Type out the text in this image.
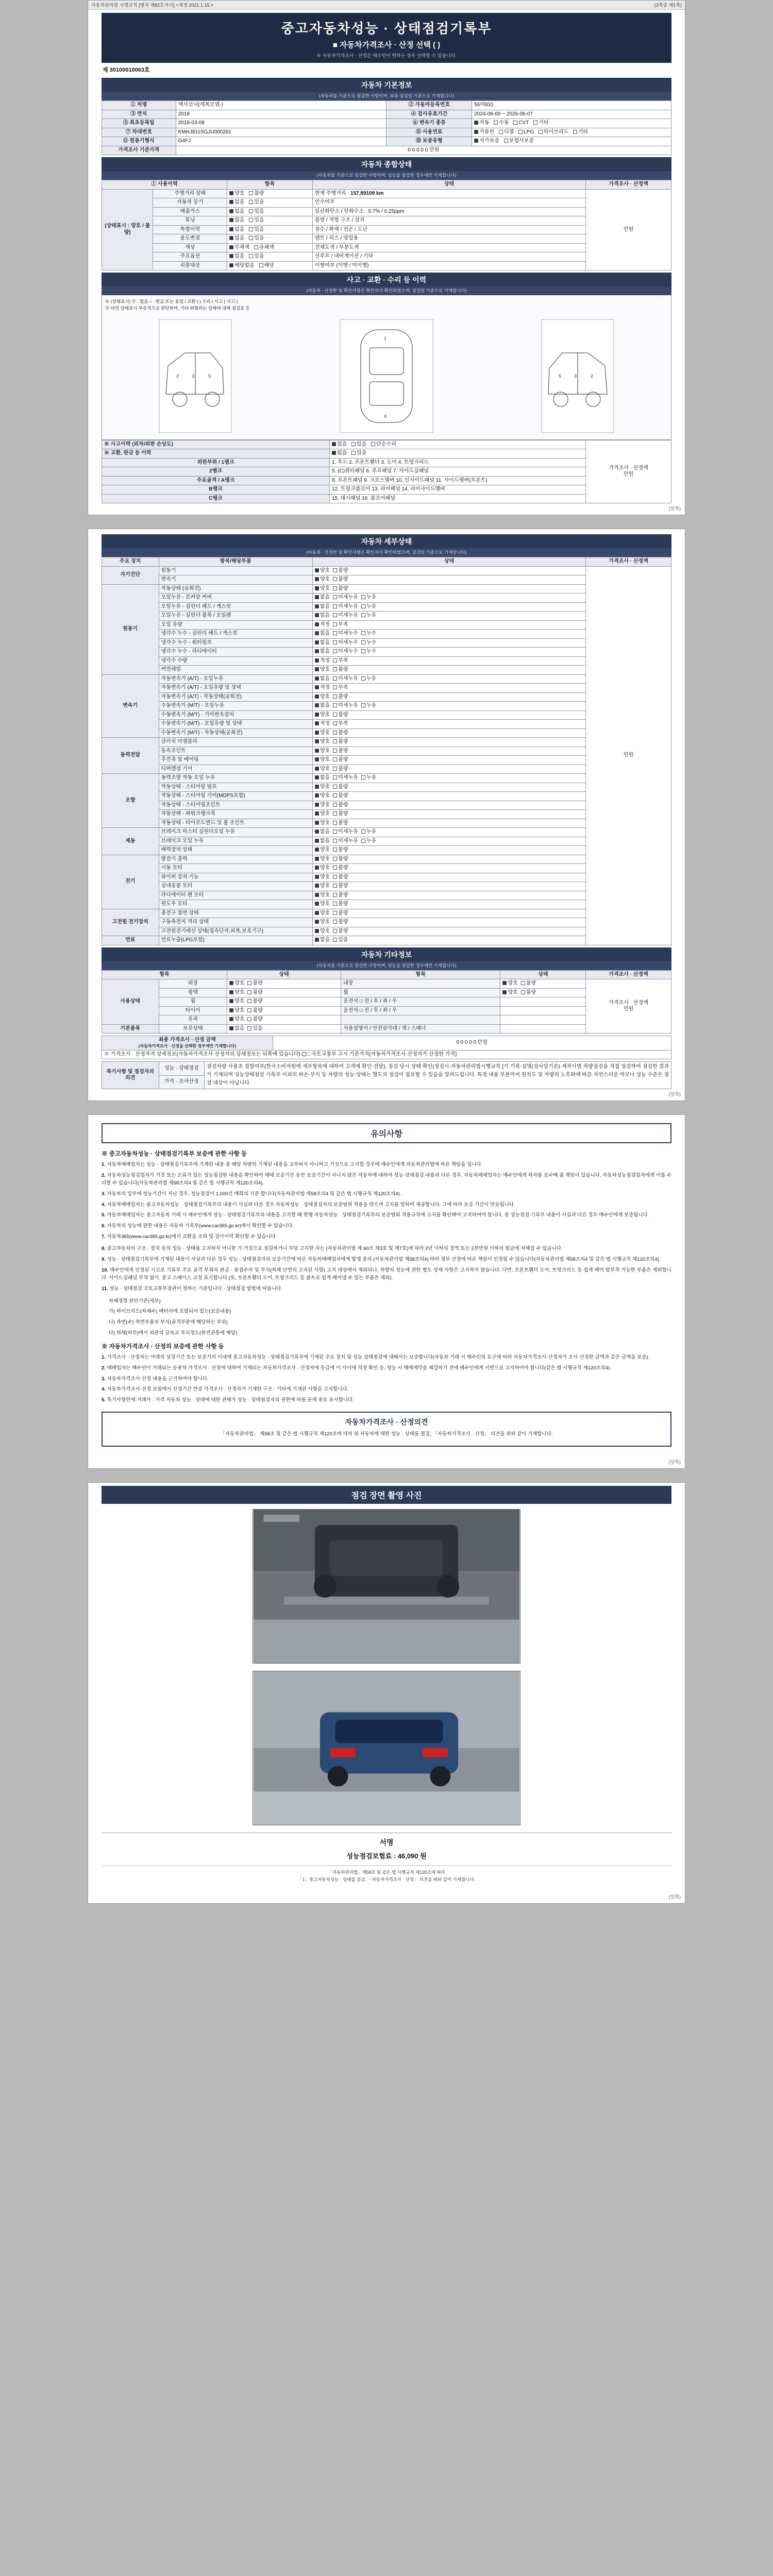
자동차관리법 시행규칙 [별지 제82호서식] <개정 2021.1.15.>	(3쪽중 제1쪽)
중고자동차성능 · 상태점검기록부
■ 자동차가격조사 · 산정 선택 ( )
※ 자동차가격조사 · 산정은 매수인이 원하는 경우 선택할 수 있습니다.
제 30100010063호
자동차 기본정보
(자동차를 기준으로 점검한 사항이며, 최종 점검일 기준으로 기재합니다)
① 차명	엑사코닉(세복모델-)	② 자동차등록번호	56머831
③ 연식	2018	④ 검사유효기간	2024-06-00 ~ 2026-06-07
⑤ 최초등록일	2018-03-08	⑥ 변속기 종류	자동 수동 CVT 기타
⑦ 차대번호	KMHJ811SGJU000261	⑧ 사용연료	가솔린 디젤 LPG 하이브리드 기타
⑪ 원동기형식	G4FJ	⑩ 보증유형	자가보증 보험사보증
가격조사 기준가격	0 0 0 0 0 만원		
자동차 종합상태
(자동차를 기준으로 점검한 사항이며, 성능을 점검한 경우에만 기재합니다)
① 사용이력		항목	상태	가격조사 · 산정액
(상태표시 : 양호 / 불량)	주행거리 상태	양호 불량	현재 주행거리 : 157,89109 km	만원
	자동차 등기	없음 있음	인수여부	
	배출가스	없음 있음	일산화탄소 / 탄화수소 : 0.7% / 0.25ppm	
	튜닝	없음 있음	불법 / 적법 구조 / 장치	
	특별이력	없음 있음	침수 / 화재 / 전손 / 도난	
	용도변경	없음 있음	렌트 / 리스 / 영업용	
	색상	무채색 유채색	전체도색 / 부분도색	
	주요옵션	없음 있음	선루프 / 내비게이션 / 기타	
	리콜대상	해당없음 해당	이행여부 (이행 / 미이행)	
사고 · 교환 · 수리 등 이력
(자동차 · 산정한 및 확인사항은 확인자가 확인하였으며, 점검일 기준으로 기재합니다)
※ (상태표시) 무 : 없음 ○ : 판금 또는 용접 / 교환 ( ) 수리 / 사고 ( 사고 )
※ 타인 상태표시 부분적으로 판단하며, 기타 위험하는 상태에 대해 점검표 등
2	3	5
1
4
5	3	2
※ 사고이력 (외차/외판 손상도)	없음 있음 단순수리	가격조사 · 산정액
만원

※ 교환, 판금 등 이력	없음 있음	
외판부위 / 1랭크	1. 후드 2. 프론트휀더 3. 도어 4. 트렁크리드	
2랭크	5. (C)쿼터패널 6. 루프패널 7. 사이드실패널	
주요골격 / A랭크	8. 프론트패널 9. 크로스멤버 10. 인사이드패널 11. 사이드멤버(프론트)	
B랭크	12. 트렁크플로어 13. 리어패널 14. 리어사이드멤버	
C랭크	15. 대시패널 16. 플로어패널	
(앞쪽)
자동차 세부상태
(자동차 · 산정한 및 확인사항은 확인자가 확인하였으며, 점검일 기준으로 기재합니다)
주요 장치	항목/해당부품	상태	가격조사 · 산정액
자기진단	원동기	양호 불량	만원

	변속기	양호 불량	
원동기	작동상태 (공회전)	양호 불량	
	오일누유 - 로커암 커버	없음 미세누유 누유	
	오일누유 - 실린더 헤드 / 개스킷	없음 미세누유 누유	
	오일누유 - 실린더 블록 / 오일팬	없음 미세누유 누유	
	오일 유량	적정 부족	
	냉각수 누수 - 실린더 헤드 / 개스킷	없음 미세누수 누수	
	냉각수 누수 - 워터펌프	없음 미세누수 누수	
	냉각수 누수 - 라디에이터	없음 미세누수 누수	
	냉각수 수량	적정 부족	
	커먼레일	양호 불량	
변속기	자동변속기 (A/T) - 오일누유	없음 미세누유 누유	
	자동변속기 (A/T) - 오일유량 및 상태	적정 부족	
	자동변속기 (A/T) - 작동상태(공회전)	양호 불량	
	수동변속기 (M/T) - 오일누유	없음 미세누유 누유	
	수동변속기 (M/T) - 기어변속장치	양호 불량	
	수동변속기 (M/T) - 오일유량 및 상태	적정 부족	
	수동변속기 (M/T) - 작동상태(공회전)	양호 불량	
동력전달	클러치 어셈블리	양호 불량	
	등속조인트	양호 불량	
	추진축 및 베어링	양호 불량	
	디퍼렌셜 기어	양호 불량	
조향	동력조향 작동 오일 누유	없음 미세누유 누유	
	작동상태 - 스티어링 펌프	양호 불량	
	작동상태 - 스티어링 기어(MDPS포함)	양호 불량	
	작동상태 - 스티어링조인트	양호 불량	
	작동상태 - 파워크랭크축	양호 불량	
	작동상태 - 타이로드엔드 및 볼 조인트	양호 불량	
제동	브레이크 마스터 실린더오일 누유	없음 미세누유 누유	
	브레이크 오일 누유	없음 미세누유 누유	
	배력장치 상태	양호 불량	
전기	발전기 출력	양호 불량	
	시동 모터	양호 불량	
	와이퍼 장치 기능	양호 불량	
	실내송풍 모터	양호 불량	
	라디에이터 팬 모터	양호 불량	
	윈도우 모터	양호 불량	
고전원 전기장치	충전구 절연 상태	양호 불량	
	구동축전지 격리 상태	양호 불량	
	고전원전기배선 상태(접속단자,피복,보호기구)	양호 불량	
연료	연료누출(LPG포함)	없음 있음	
자동차 기타정보
(자동차를 기준으로 점검한 사항이며, 성능을 점검한 경우에만 기재합니다)
항목		상태	항목	상태	가격조사 · 산정액
사용상태	외장	양호 불량	내장	양호 불량	가격조사 · 산정액
만원

	광택	양호 불량	휠	양호 불량	
	휠	양호 불량	운전석 □ 전 / 후 / 좌 / 우		
	타이어	양호 불량	운전석 □ 전 / 후 / 좌 / 우		
	유리	양호 불량			
기본품목	보유상태	없음 있음	사용설명서 / 안전삼각대 / 잭 / 스패너		
최종 가격조사 · 산정 금액
(자동차가격조사 · 산정을 선택한 경우에만 기재합니다)
	0 0 0 0 0 만원
※ 가격조사 · 산정자격 상세정보(자동차가격조사·산정자의 상세정보는 뒤쪽에 있습니다) □ 국토교통부 고시 기준가격(자동차가격조사·산정자가 산정한 가격)
특기사항 및 점검자의 의견	성능 · 상태점검	점검차량 사용초 결함여부(한국소비자원에 세부항목에 대하여 고객에 확인·전달), 점검 당시 상태 확인(점검시·자동차관리법시행규칙 [기 기록·설명(검사일기준)·제작사별 차량점검을 직접 점검하여 점검한 결과가 기재되며 성능상태점검 기록부 이외의 파손·부식 등 차량의 성능·상태는 별도의 점검이 필요할 수 있음을 알려드립니다. 특정 내용 부분까지 원칙도 및 자량의 노후화에 따른 자연스러운 마모나 성능 수준은 점검 대상이 아닙니다.
가격 · 조사산정
(앞쪽)
유의사항
※ 중고자동차성능 · 상태점검기록부 보증에 관한 사항 등
1. 자동차매매업자는 성능 · 상태점검기록부에 기재된 내용 중 해당 차량의 기재된 내용을 교부하지 아니하고 거짓으로 고지할 경우에 매수인에게 자동차관리법에 따른 책임을 집니다.
2. 자동차성능점검업자가 거짓 또는 오류가 있는 성능점검한 내용을 확인하여 매매 보증기간 동안 보증기간이 지나지 않은 자동차에 대하여 성능·상태점검 내용과 다른 경우, 자동차매매업자는 매수인에게 하자를 보수해 줄 책임이 있습니다. 자동차성능점검업자에게 이를 수리할 수 있습니다(자동차관리법 제58조의4 및 같은 법 시행규칙 제120조의4).
3. 자동차의 일부에 성능기간이 지난 경우, 성능점검이 1,000건 매회의 기준 합니다(자동차관리법 제58조의4 및 같은 법 시행규칙 제120조의4).
4. 자동차매매업자는 중고자동차성능 · 상태점검기록부의 내용이 사실과 다른 경우 자동차성능 · 상태점검자의 보증범위 적용을 받으며 고지를 말하며 제공합니다. 그에 따라 보증 기간이 만료됩니다.
5. 자동차매매업자는 중고자동차 거래 시 매수인에게 성능 · 상태점검기록부의 내용을 고지할 때 현행 자동차성능 · 상태점검기록부의 보증범위 적용규칙에 고지를 확인해야 고지하여야 합니다. 중 성능점검 기록부 내용이 사실과 다른 경우 매수인에게 보증됩니다.
6. 자동차의 성능에 관한 내용은 자동차 기록부(www.car365.go.kr)에서 확인할 수 있습니다.
7. 자동차365(www.car365.go.kr)에서 교환을 조회 및 검사이력 확인할 수 있습니다.
8. 중고자동차의 구조 · 장치 등의 성능 · 상태를 고지하지 아니한 가 거짓으로 점검하거나 부당 고지한 자는 (자동차관리법 제 60조 제3호 및 제7호)에 따라 2년 이하의 징역 또는 2천만원 이하의 벌금에 처해질 수 있습니다.
9. 성능 · 상태점검기록부에 기재된 내용이 사실과 다른 경우 성능 · 상태점검자의 보증기간에 따른 자동차매매업자에게 발생 중의 (자동차관리법 제58조의4) 따라 정부 산정에 따른 책임이 인정될 수 있습니다(자동차관리법 제58조의4 및 같은 법 시행규칙 제120조의4).
10. 매수인에게 인정된 시고로 기록부 주요 골격 부위의 판금 · 용접수리 및 부식(차체 단면의 고지된 사항) 고지 대상에서 제외되나, 차량의 성능에 관한 별도 상세 사항은 고지하지 않습니다. 다만, 프론트휀더 도어, 트렁크리드 등 쉽게 떼어 탈부착 가능한 부품은 제외합니다. 사이드실패널 부착 없이, 중고 스페이스 고정 표기합니다 (또, 프론트휀더 도어, 트렁크리드 등 볼트로 쉽게 떼어낼 수 있는 부품은 제외).
11. 성능 · 상태점검 국토교통부장관이 정하는 기준입니다 · 상태점검 방법에 따릅니다.
차체정렬 판단기준(세부)
가) 하이브리드(차체수) 배터리에 포함되어 있는(보증내용)
나) 측면(수) 측면부품의 부식(골격부분에 해당하는 부위)
다) 하체(하부)에서 외관의 금속교 부식정도(완전관통에 해당)
※ 자동차가격조사 · 산정의 보증에 관한 사항 등
1. 가격조사 · 산정자는 아래의 설정기간 또는 보증거리 이내에 중고자동차성능 · 상태점검기록부에 기재된 주요 장치 및 성능 상태점검에 대해서는 보증합니다(자동차 거래 시 매수인의 요구에 따라 자동차가격조사·산정자가 조사·산정한 금액과 같은 금액을 보증).
2. 매매업자는 매수인이 거래되는 승용차 가격조사 · 산정에 대하여 기재되는 자동차가격조사 · 산정자에 등급에 이 사이에 적정 확인 등, 성능 시 매매계약을 체결하기 전에 매수인에게 서면으로 고지하여야 합니다(같은 법 시행규칙 제120조의4).
3. 자동차가격조사·산정 내용을 근거하여야 합니다.
4. 자동차가격조사·산정 보험에서 산정기간 만큼 가격조사 · 산정자가 기재한 구조 · 기타에 기재된 사항을 고지합니다.
5. 특기사항란에 거래가 · 가격 자동차 성능 · 상태에 대한 관해가 성능 · 상태점검자의 권한에 따를 문제 중요 표시합니다.
자동차가격조사 · 산정의견
「자동차관리법」 제58조 및 같은 법 시행규칙 제120조에 따라 위 자동차에 대한 성능 · 상태를 점검, 「자동차가격조사 · 산정」 의견을 위와 같이 기재합니다.
(앞쪽)
점검 장면 촬영 사진
서명
성능점검보험료 : 46,090 원
「자동차관리법」제58조 및 같은 법 시행규칙 제120조에 따라
「1」중고자동차성능 · 상태를 점검, 「자동차가격조사 · 산정」 의견을 위와 같이 기재합니다.
(앞쪽)
